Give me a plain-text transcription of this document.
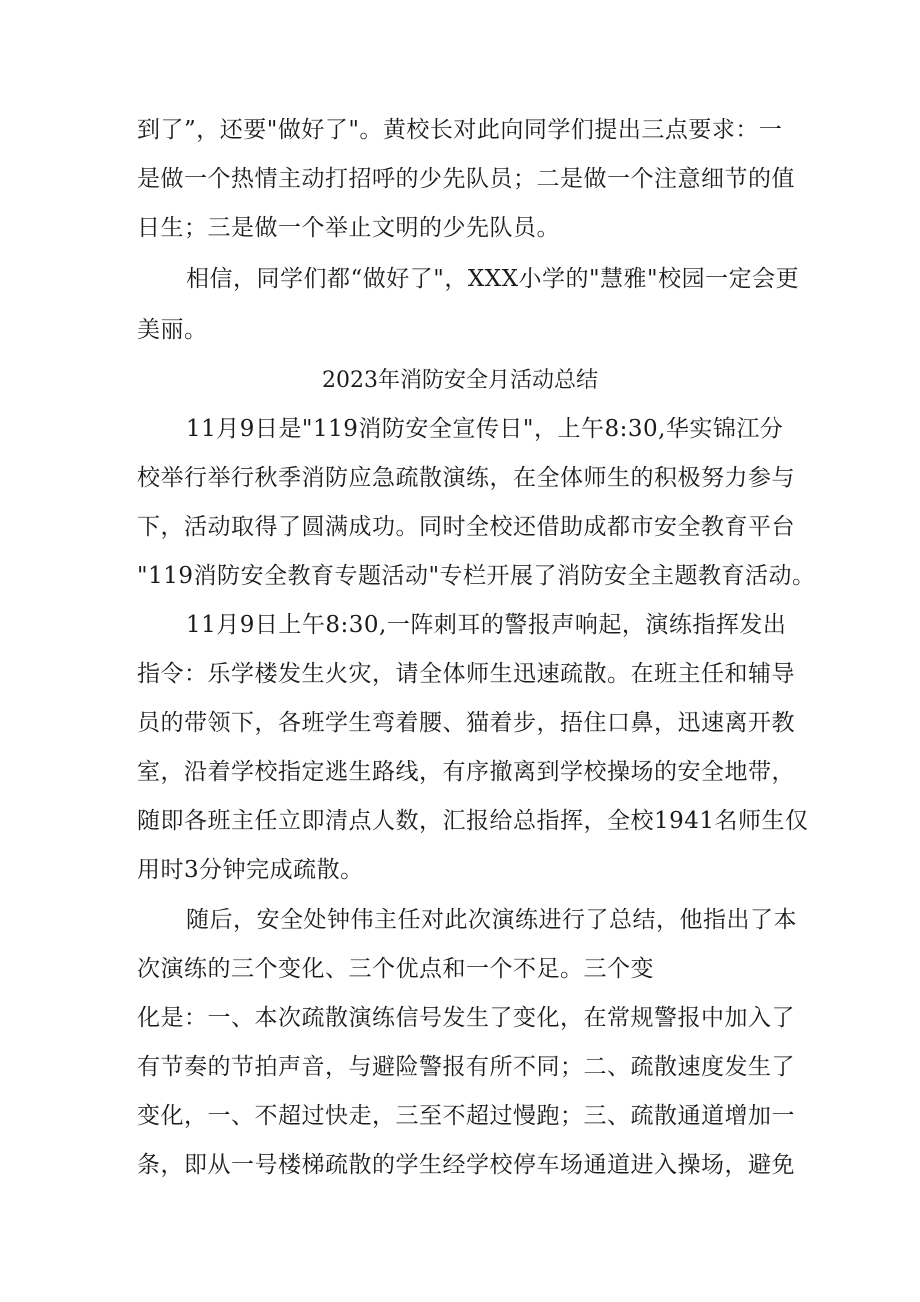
到了”，还要"做好了"。黄校长对此向同学们提出三点要求：一
是做一个热情主动打招呼的少先队员；二是做一个注意细节的值
日生；三是做一个举止文明的少先队员。
相信，同学们都“做好了"，XXX小学的"慧雅"校园一定会更
美丽。
2023年消防安全月活动总结
11月9日是"119消防安全宣传日"，上午8:30,华实锦江分
校举行举行秋季消防应急疏散演练，在全体师生的积极努力参与
下，活动取得了圆满成功。同时全校还借助成都市安全教育平台
"119消防安全教育专题活动"专栏开展了消防安全主题教育活动。
11月9日上午8:30,一阵刺耳的警报声响起，演练指挥发出
指令：乐学楼发生火灾，请全体师生迅速疏散。在班主任和辅导
员的带领下，各班学生弯着腰、猫着步，捂住口鼻，迅速离开教
室，沿着学校指定逃生路线，有序撤离到学校操场的安全地带，
随即各班主任立即清点人数，汇报给总指挥，全校1941名师生仅
用时3分钟完成疏散。
随后，安全处钟伟主任对此次演练进行了总结，他指出了本
次演练的三个变化、三个优点和一个不足。三个变
化是：一、本次疏散演练信号发生了变化，在常规警报中加入了
有节奏的节拍声音，与避险警报有所不同；二、疏散速度发生了
变化，一、不超过快走，三至不超过慢跑；三、疏散通道增加一
条，即从一号楼梯疏散的学生经学校停车场通道进入操场，避免
